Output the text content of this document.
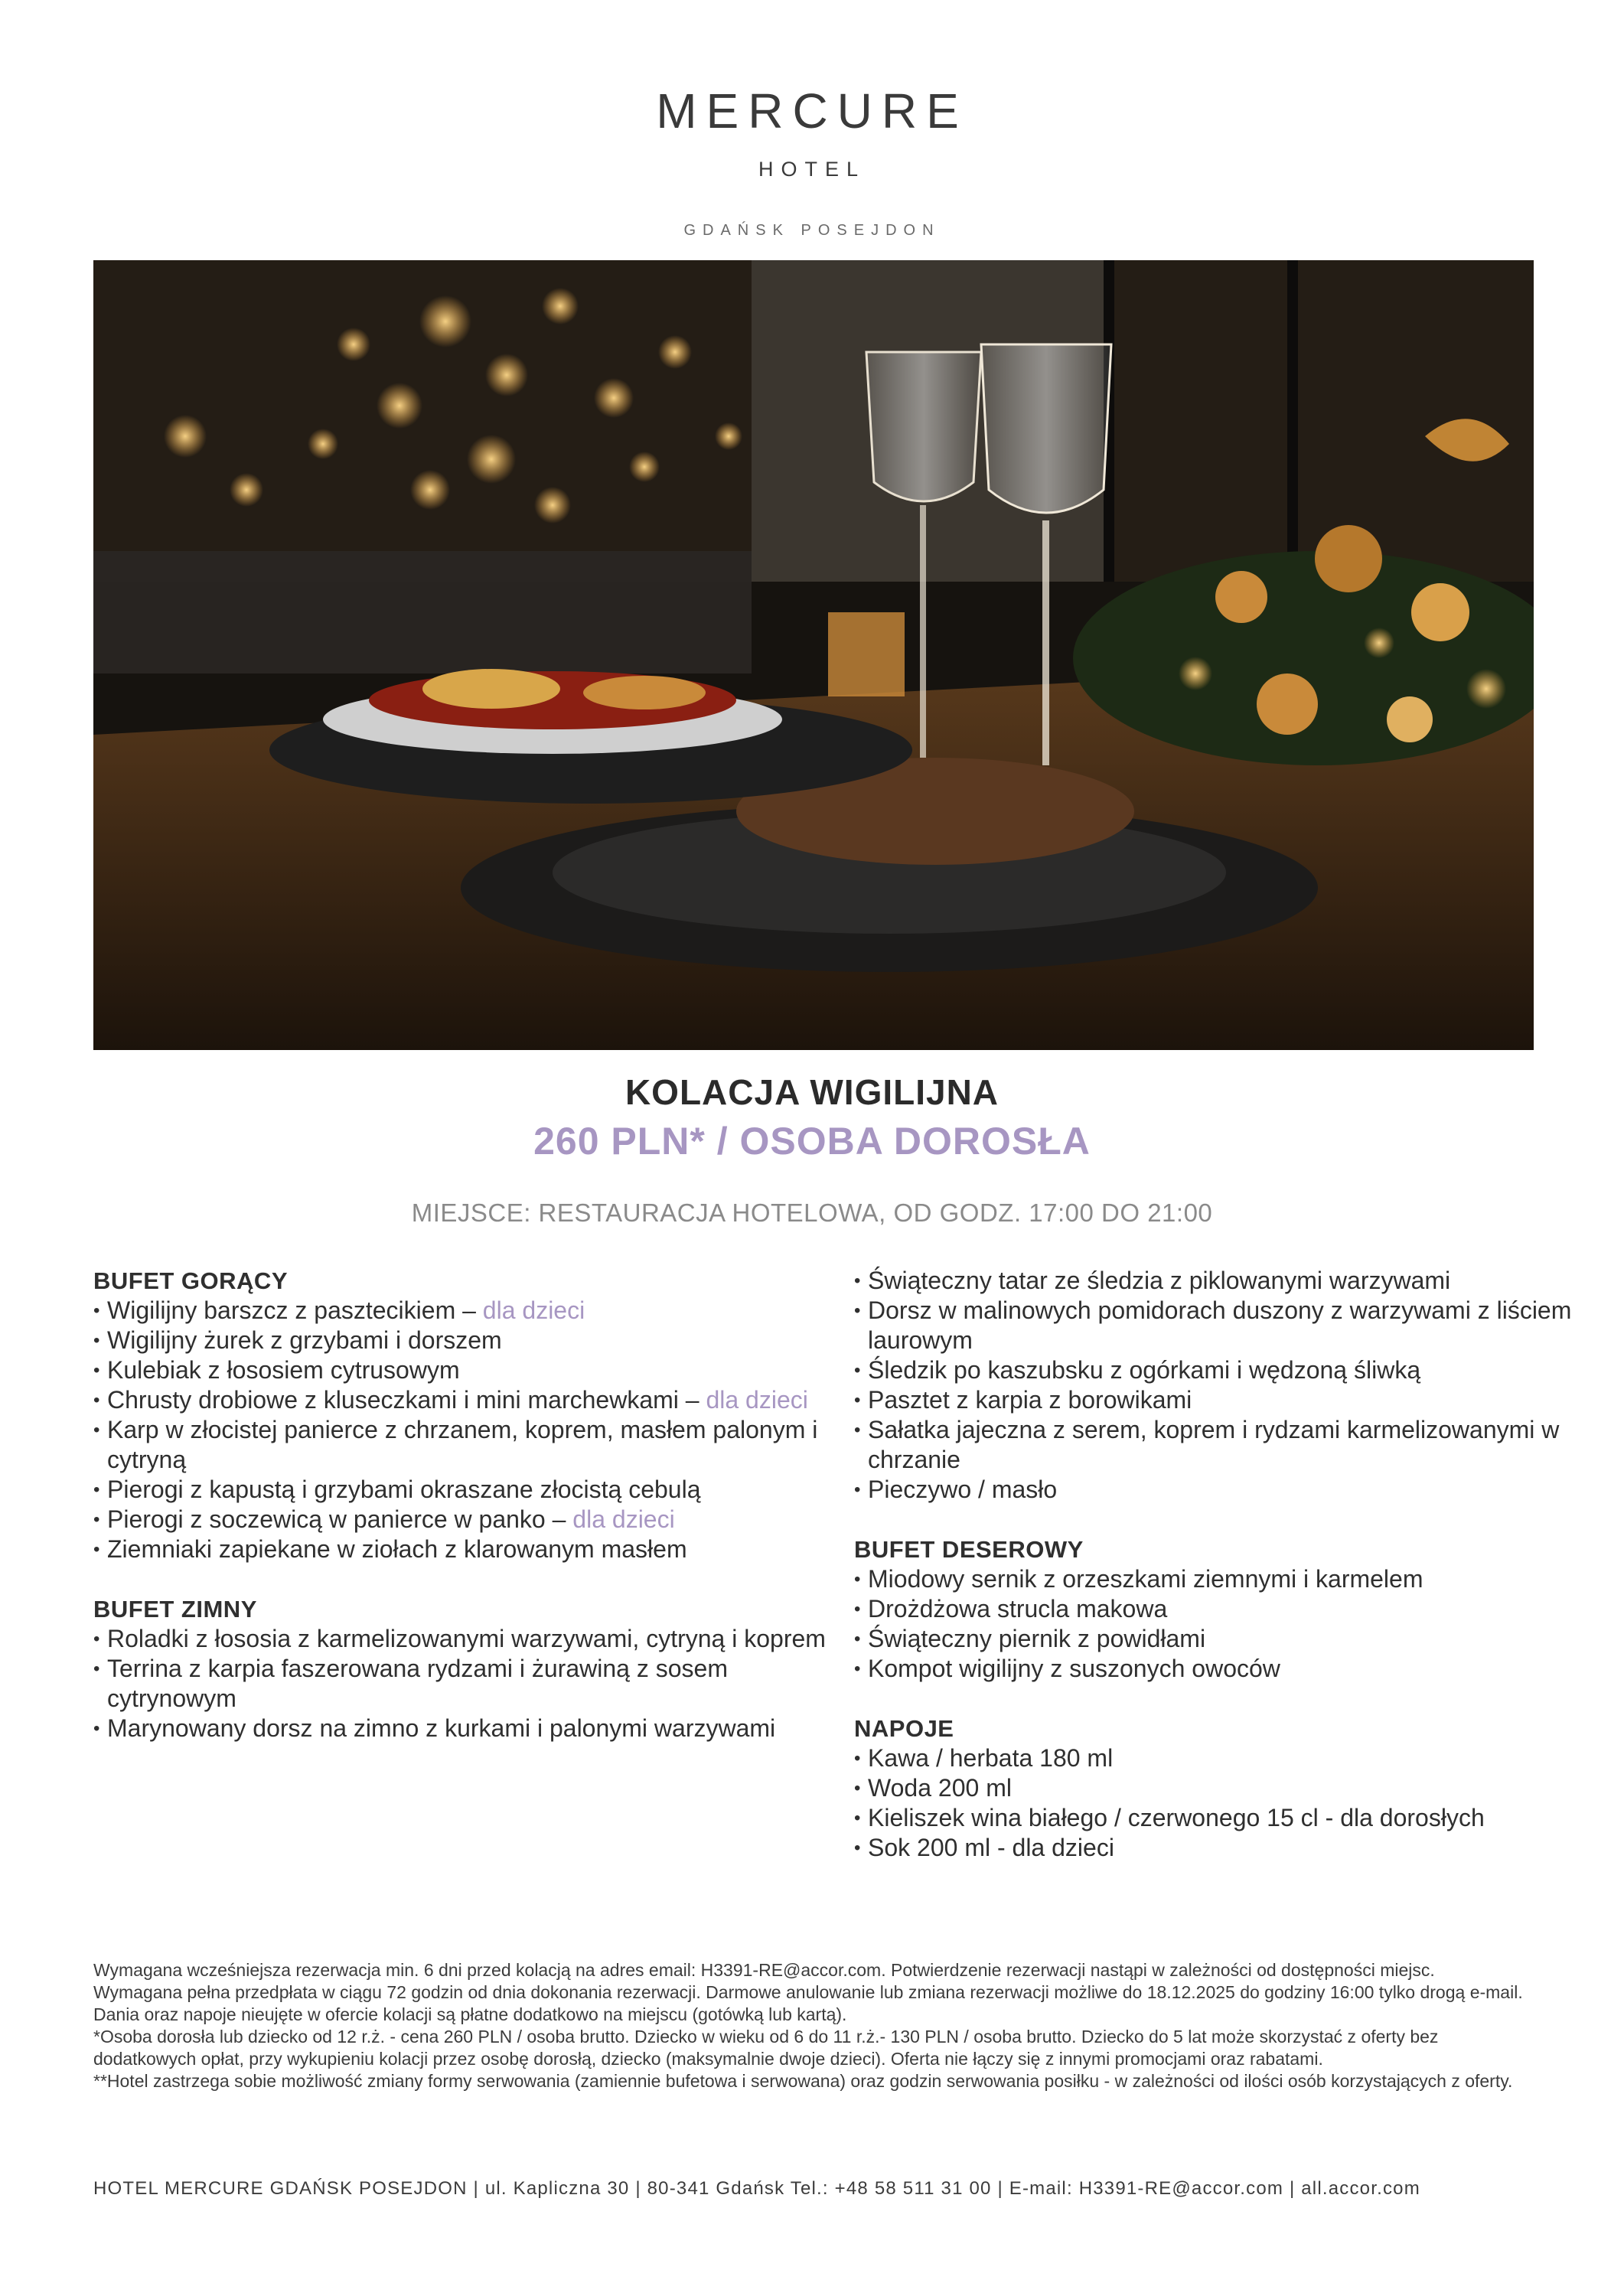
MERCURE
HOTEL
GDAŃSK POSEJDON
KOLACJA WIGILIJNA
260 PLN* / OSOBA DOROSŁA
MIEJSCE: RESTAURACJA HOTELOWA, OD GODZ. 17:00 DO 21:00
BUFET GORĄCY
• Wigilijny barszcz z pasztecikiem – dla dzieci
• Wigilijny żurek z grzybami i dorszem
• Kulebiak z łososiem cytrusowym
• Chrusty drobiowe z kluseczkami i mini marchewkami – dla dzieci
• Karp w złocistej panierce z chrzanem, koprem, masłem palonym i cytryną
• Pierogi z kapustą i grzybami okraszane złocistą cebulą
• Pierogi z soczewicą w panierce w panko – dla dzieci
• Ziemniaki zapiekane w ziołach z klarowanym masłem
BUFET ZIMNY
• Roladki z łososia z karmelizowanymi warzywami, cytryną i koprem
• Terrina z karpia faszerowana rydzami i żurawiną z sosem cytrynowym
• Marynowany dorsz na zimno z kurkami i palonymi warzywami
• Świąteczny tatar ze śledzia z piklowanymi warzywami
• Dorsz w malinowych pomidorach duszony z warzywami z liściem laurowym
• Śledzik po kaszubsku z ogórkami i wędzoną śliwką
• Pasztet z karpia z borowikami
• Sałatka jajeczna z serem, koprem i rydzami karmelizowanymi w chrzanie
• Pieczywo / masło
BUFET DESEROWY
• Miodowy sernik z orzeszkami ziemnymi i karmelem
• Drożdżowa strucla makowa
• Świąteczny piernik z powidłami
• Kompot wigilijny z suszonych owoców
NAPOJE
• Kawa / herbata 180 ml
• Woda 200 ml
• Kieliszek wina białego / czerwonego 15 cl - dla dorosłych
• Sok 200 ml - dla dzieci

Wymagana wcześniejsza rezerwacja min. 6 dni przed kolacją na adres email: H3391-RE@accor.com. Potwierdzenie rezerwacji nastąpi w zależności od dostępności miejsc.

Wymagana pełna przedpłata w ciągu 72 godzin od dnia dokonania rezerwacji. Darmowe anulowanie lub zmiana rezerwacji możliwe do 18.12.2025 do godziny 16:00 tylko drogą e-mail. Dania oraz napoje nieujęte w ofercie kolacji są płatne dodatkowo na miejscu (gotówką lub kartą).

*Osoba dorosła lub dziecko od 12 r.ż. - cena 260 PLN / osoba brutto. Dziecko w wieku od 6 do 11 r.ż.- 130 PLN / osoba brutto. Dziecko do 5 lat może skorzystać z oferty bez dodatkowych opłat, przy wykupieniu kolacji przez osobę dorosłą, dziecko (maksymalnie dwoje dzieci). Oferta nie łączy się z innymi promocjami oraz rabatami.

**Hotel zastrzega sobie możliwość zmiany formy serwowania (zamiennie bufetowa i serwowana) oraz godzin serwowania posiłku - w zależności od ilości osób korzystających z oferty.

HOTEL MERCURE GDAŃSK POSEJDON | ul. Kapliczna 30 | 80-341 Gdańsk Tel.: +48 58 511 31 00 | E-mail: H3391-RE@accor.com | all.accor.com
